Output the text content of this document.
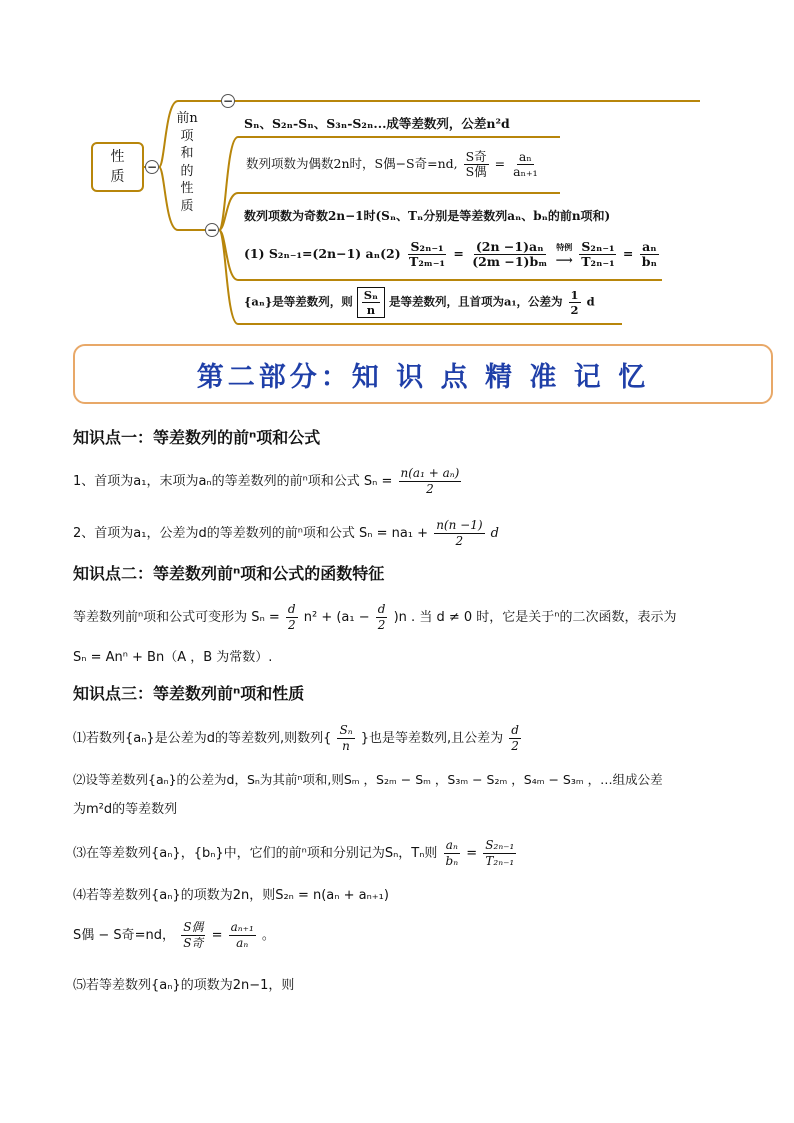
性
质
−
−
−
前n项和的性质
Sₙ、S₂ₙ-Sₙ、S₃ₙ-S₂ₙ...成等差数列，公差n²d
数列项数为偶数2n时，S偶−S奇=nd, $\frac{\text{S奇}}{\text{S偶}} = \frac{\text{aₙ}}{\text{aₙ₊₁}}$
数列项数为奇数2n−1时(Sₙ、Tₙ分别是等差数列aₙ、bₙ的前n项和)
(1) S₂ₙ₋₁=(2n−1) $a_n(2) \frac{\text{S₂ₙ₋₁}}{\text{T₂ₘ₋₁}} = \frac{\text{(2n −1)aₙ}}{\text{(2m −1)bₘ}}$
特例
⟶
$\frac{\text{S₂ₙ₋₁}}{\text{T₂ₙ₋₁}} = \frac{\text{aₙ}}{\text{bₙ}}$
{aₙ}是等差数列，则 $\frac{\text{Sₙ}}{n}$ 是等差数列，且首项为a₁，公差为 $\frac{1}{2}$ d
第二部分：知 识 点 精 准 记 忆
知识点一：等差数列的前ⁿ项和公式
1、首项为a₁，末项为aₙ的等差数列的前ⁿ项和公式 $S_n = \frac{\text{n(a₁ + aₙ)}}{2}$
2、首项为a₁，公差为d的等差数列的前ⁿ项和公式 $S_n = na_1 + \frac{n(n -1)}{2}$ d
知识点二：等差数列前ⁿ项和公式的函数特征
等差数列前ⁿ项和公式可变形为 $S_n = \frac{d}{2} n^2 + (a_1 - \frac{d}{2} )n$ . 当 d ≠ 0 时，它是关于ⁿ的二次函数，表示为
Sₙ = Anⁿ + Bn（A ，B 为常数）.
知识点三：等差数列前ⁿ项和性质
⑴若数列{aₙ}是公差为d的等差数列,则数列{ $\frac{\text{Sₙ}}{n}$ }也是等差数列,且公差为 $\frac{d}{2}$
⑵设等差数列{aₙ}的公差为d，Sₙ为其前ⁿ项和,则Sₘ ，S₂ₘ − Sₘ ，S₃ₘ − S₂ₘ ，S₄ₘ − S₃ₘ ，…组成公差
为m²d的等差数列
⑶在等差数列{aₙ}，{bₙ}中，它们的前ⁿ项和分别记为Sₙ，Tₙ则 $\frac{\text{aₙ}}{\text{bₙ}} = \frac{\text{S₂ₙ₋₁}}{\text{T₂ₙ₋₁}}$
⑷若等差数列{aₙ}的项数为2n，则S₂ₙ = n(aₙ + aₙ₊₁)
S偶 − S奇=nd， $\frac{\text{S偶}}{\text{S奇}} = \frac{\text{aₙ₊₁}}{\text{aₙ}}$ 。
⑸若等差数列{aₙ}的项数为2n−1，则
